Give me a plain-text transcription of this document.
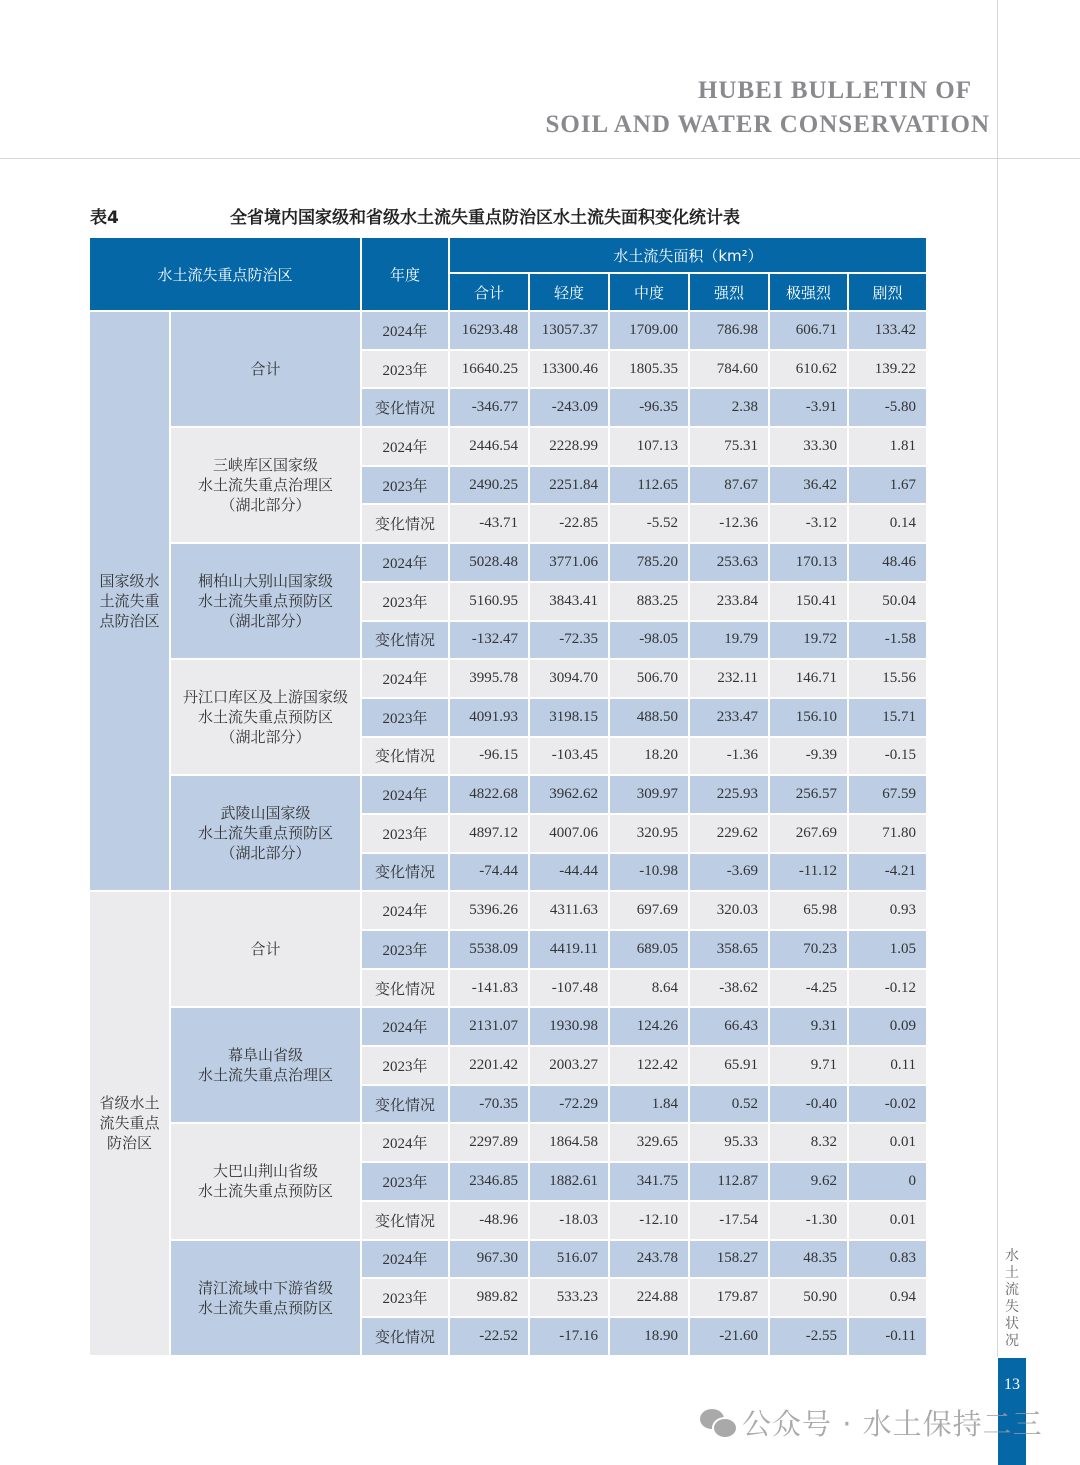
HUBEI BULLETIN OF
SOIL AND WATER CONSERVATION
表4	全省境内国家级和省级水土流失重点防治区水土流失面积变化统计表
水土流失重点防治区		年度	水土流失面积（km²）					
			合计	轻度	中度	强烈	极强烈	剧烈

国家级水
土流失重
点防治区	合计	2024年	16293.48	13057.37	1709.00	786.98	606.71	133.42
		2023年	16640.25	13300.46	1805.35	784.60	610.62	139.22
		变化情况	-346.77	-243.09	-96.35	2.38	-3.91	-5.80

	三峡库区国家级
水土流失重点治理区
（湖北部分）	2024年	2446.54	2228.99	107.13	75.31	33.30	1.81
		2023年	2490.25	2251.84	112.65	87.67	36.42	1.67
		变化情况	-43.71	-22.85	-5.52	-12.36	-3.12	0.14

	桐柏山大别山国家级
水土流失重点预防区
（湖北部分）	2024年	5028.48	3771.06	785.20	253.63	170.13	48.46
		2023年	5160.95	3843.41	883.25	233.84	150.41	50.04
		变化情况	-132.47	-72.35	-98.05	19.79	19.72	-1.58

	丹江口库区及上游国家级
水土流失重点预防区
（湖北部分）	2024年	3995.78	3094.70	506.70	232.11	146.71	15.56
		2023年	4091.93	3198.15	488.50	233.47	156.10	15.71
		变化情况	-96.15	-103.45	18.20	-1.36	-9.39	-0.15

	武陵山国家级
水土流失重点预防区
（湖北部分）	2024年	4822.68	3962.62	309.97	225.93	256.57	67.59
		2023年	4897.12	4007.06	320.95	229.62	267.69	71.80
		变化情况	-74.44	-44.44	-10.98	-3.69	-11.12	-4.21

省级水土
流失重点
防治区	合计	2024年	5396.26	4311.63	697.69	320.03	65.98	0.93
		2023年	5538.09	4419.11	689.05	358.65	70.23	1.05
		变化情况	-141.83	-107.48	8.64	-38.62	-4.25	-0.12

	幕阜山省级
水土流失重点治理区	2024年	2131.07	1930.98	124.26	66.43	9.31	0.09
		2023年	2201.42	2003.27	122.42	65.91	9.71	0.11
		变化情况	-70.35	-72.29	1.84	0.52	-0.40	-0.02

	大巴山荆山省级
水土流失重点预防区	2024年	2297.89	1864.58	329.65	95.33	8.32	0.01
		2023年	2346.85	1882.61	341.75	112.87	9.62	0
		变化情况	-48.96	-18.03	-12.10	-17.54	-1.30	0.01

	清江流域中下游省级
水土流失重点预防区	2024年	967.30	516.07	243.78	158.27	48.35	0.83
		2023年	989.82	533.23	224.88	179.87	50.90	0.94
		变化情况	-22.52	-17.16	18.90	-21.60	-2.55	-0.11
水
土
流
失
状
况
13
公众号 · 水土保持二三
